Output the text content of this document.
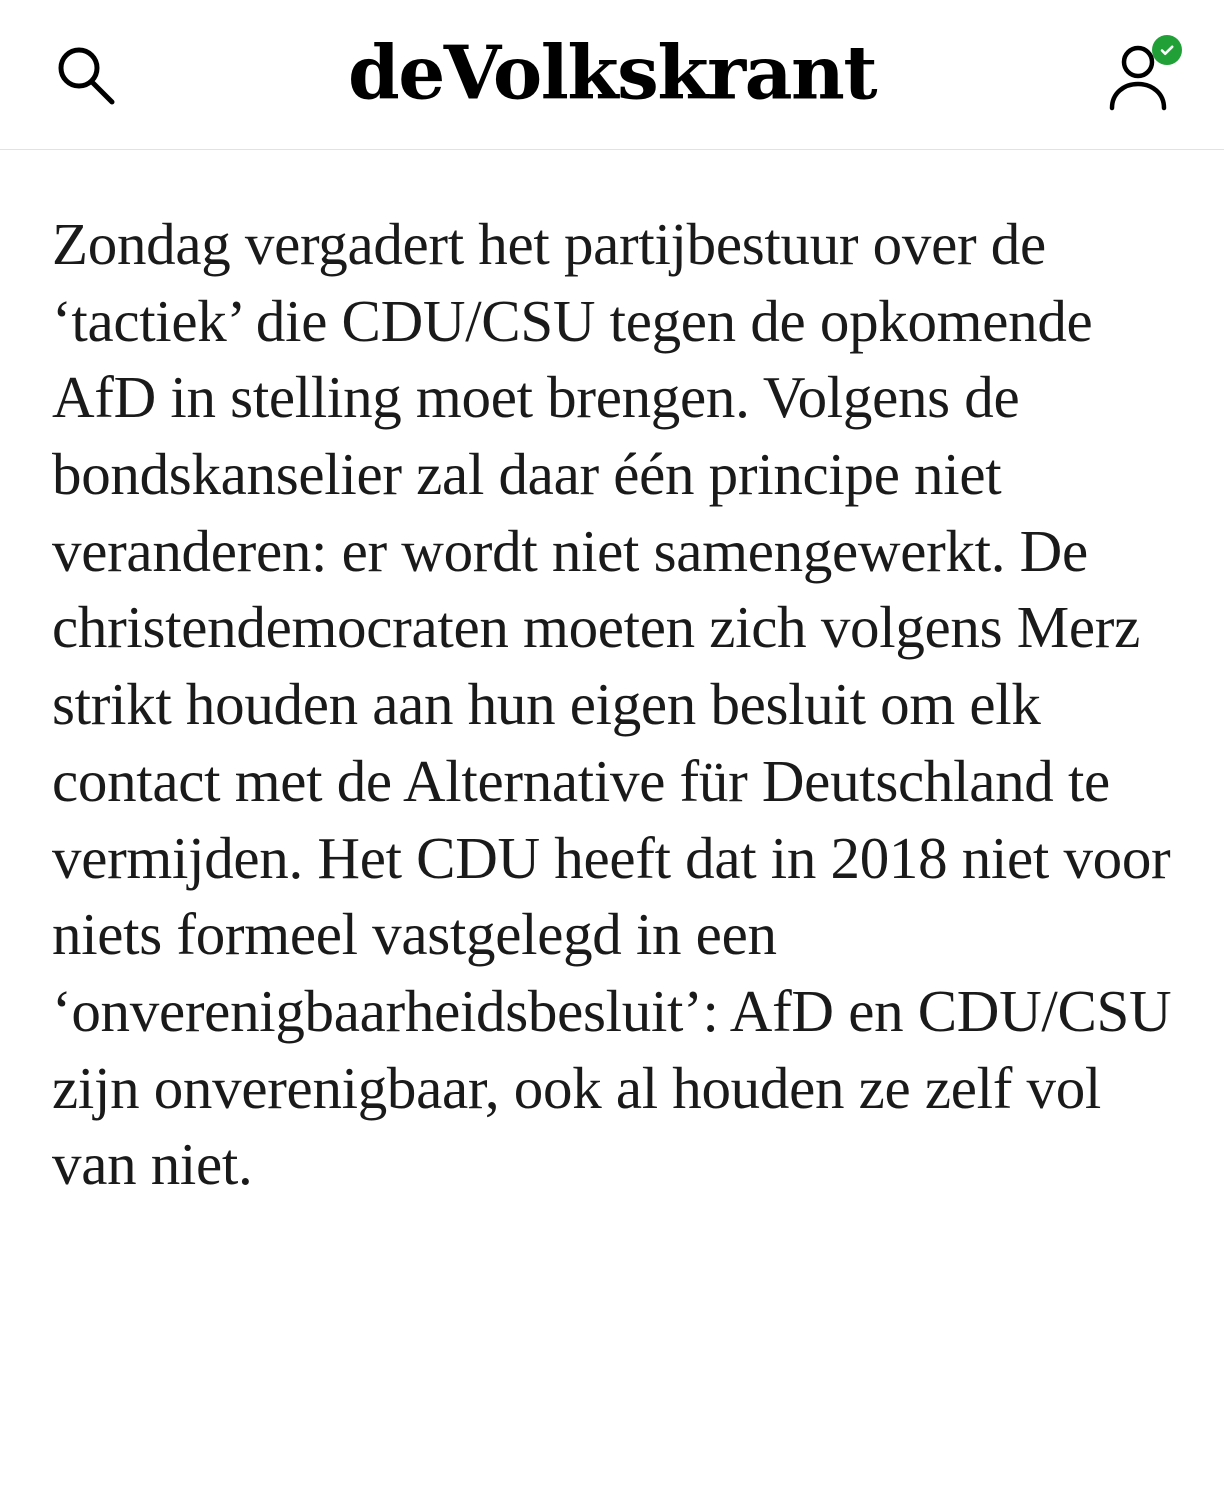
deVolkskrant

Zondag vergadert het partijbestuur over de ‘tactiek’ die CDU/CSU tegen de opkomende AfD in stelling moet brengen. Volgens de bondskanselier zal daar één principe niet veranderen: er wordt niet samengewerkt. De christendemocraten moeten zich volgens Merz strikt houden aan hun eigen besluit om elk contact met de Alternative für Deutschland te vermijden. Het CDU heeft dat in 2018 niet voor niets formeel vastgelegd in een ‘onverenigbaarheidsbesluit’: AfD en CDU/CSU zijn onverenigbaar, ook al houden ze zelf vol van niet.
